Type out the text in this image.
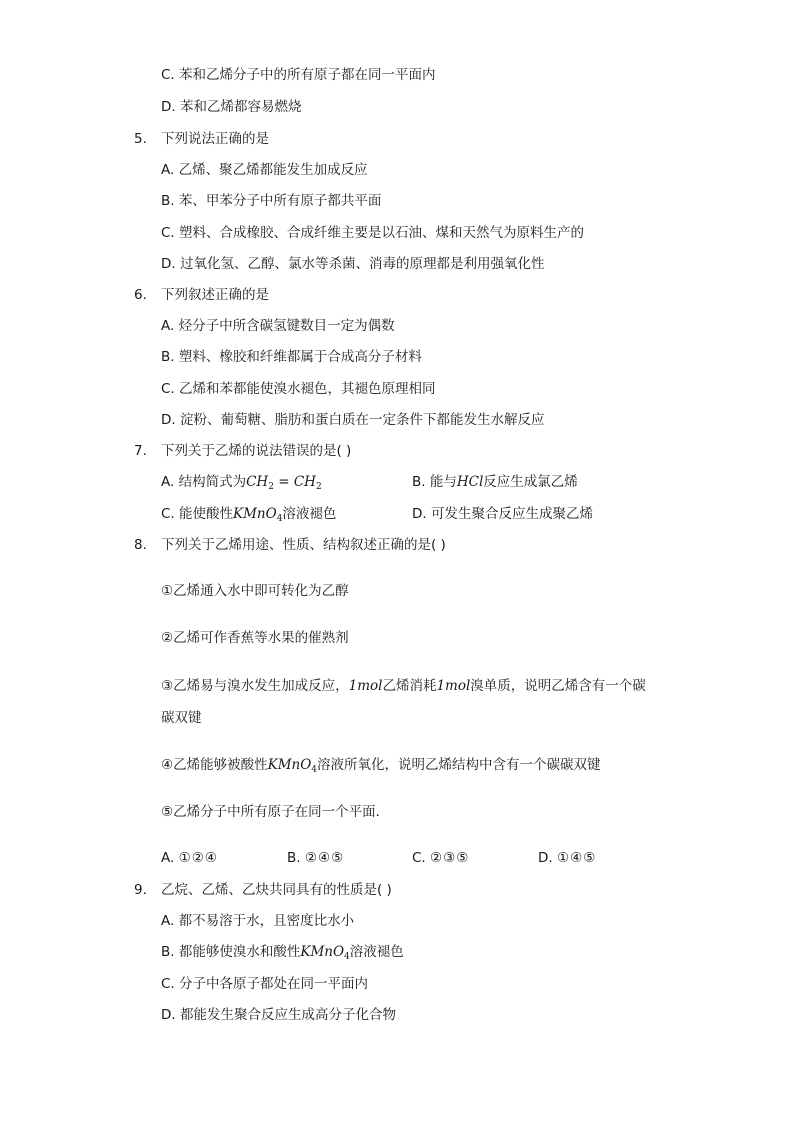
C. 苯和乙烯分子中的所有原子都在同一平面内
D. 苯和乙烯都容易燃烧
5. 下列说法正确的是
A. 乙烯、聚乙烯都能发生加成反应
B. 苯、甲苯分子中所有原子都共平面
C. 塑料、合成橡胶、合成纤维主要是以石油、煤和天然气为原料生产的
D. 过氧化氢、乙醇、氯水等杀菌、消毒的原理都是利用强氧化性
6. 下列叙述正确的是
A. 烃分子中所含碳氢键数目一定为偶数
B. 塑料、橡胶和纤维都属于合成高分子材料
C. 乙烯和苯都能使溴水褪色，其褪色原理相同
D. 淀粉、葡萄糖、脂肪和蛋白质在一定条件下都能发生水解反应
7. 下列关于乙烯的说法错误的是( )
A. 结构简式为$CH_2 = CH_2$	B. 能与HCl反应生成氯乙烯
C. 能使酸性KMnO$_4$溶液褪色	D. 可发生聚合反应生成聚乙烯
8. 下列关于乙烯用途、性质、结构叙述正确的是( )
①乙烯通入水中即可转化为乙醇
②乙烯可作香蕉等水果的催熟剂
③乙烯易与溴水发生加成反应，1mol乙烯消耗1mol溴单质，说明乙烯含有一个碳
碳双键
④乙烯能够被酸性KMnO$_4$溶液所氧化，说明乙烯结构中含有一个碳碳双键
⑤乙烯分子中所有原子在同一个平面．
A. ①②④	B. ②④⑤	C. ②③⑤	D. ①④⑤
9. 乙烷、乙烯、乙炔共同具有的性质是( )
A. 都不易溶于水，且密度比水小
B. 都能够使溴水和酸性KMnO$_4$溶液褪色
C. 分子中各原子都处在同一平面内
D. 都能发生聚合反应生成高分子化合物
